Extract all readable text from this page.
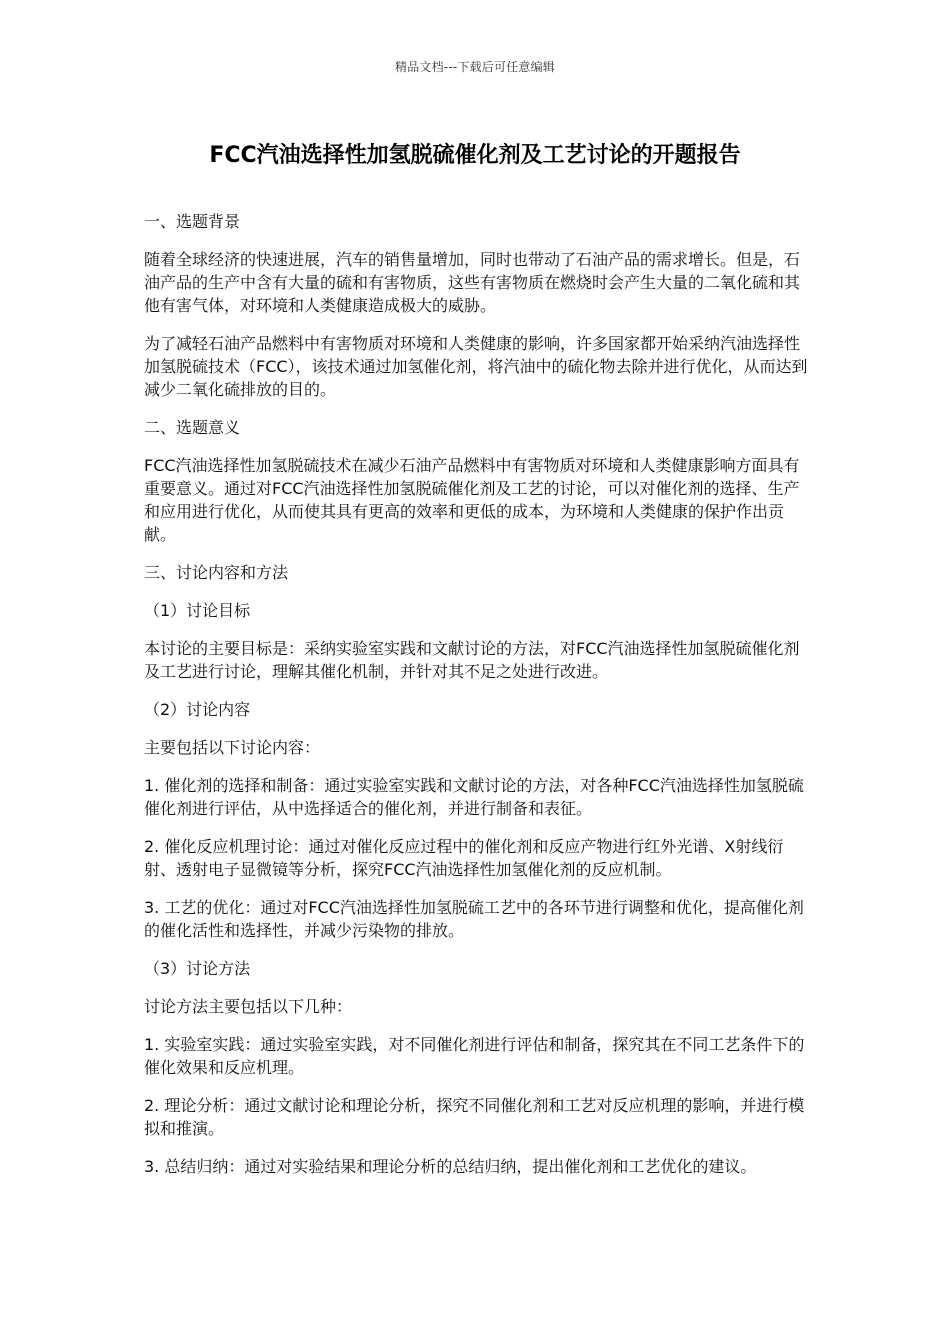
精品文档---下载后可任意编辑
FCC汽油选择性加氢脱硫催化剂及工艺讨论的开题报告

一、选题背景

随着全球经济的快速进展，汽车的销售量增加，同时也带动了石油产品的需求增长。但是，石油产品的生产中含有大量的硫和有害物质，这些有害物质在燃烧时会产生大量的二氧化硫和其他有害气体，对环境和人类健康造成极大的威胁。

为了减轻石油产品燃料中有害物质对环境和人类健康的影响，许多国家都开始采纳汽油选择性加氢脱硫技术（FCC），该技术通过加氢催化剂，将汽油中的硫化物去除并进行优化，从而达到减少二氧化硫排放的目的。

二、选题意义

FCC汽油选择性加氢脱硫技术在减少石油产品燃料中有害物质对环境和人类健康影响方面具有重要意义。通过对FCC汽油选择性加氢脱硫催化剂及工艺的讨论，可以对催化剂的选择、生产和应用进行优化，从而使其具有更高的效率和更低的成本，为环境和人类健康的保护作出贡献。

三、讨论内容和方法

（1）讨论目标

本讨论的主要目标是：采纳实验室实践和文献讨论的方法，对FCC汽油选择性加氢脱硫催化剂及工艺进行讨论，理解其催化机制，并针对其不足之处进行改进。

（2）讨论内容

主要包括以下讨论内容：

1. 催化剂的选择和制备：通过实验室实践和文献讨论的方法，对各种FCC汽油选择性加氢脱硫催化剂进行评估，从中选择适合的催化剂，并进行制备和表征。

2. 催化反应机理讨论：通过对催化反应过程中的催化剂和反应产物进行红外光谱、X射线衍射、透射电子显微镜等分析，探究FCC汽油选择性加氢催化剂的反应机制。

3. 工艺的优化：通过对FCC汽油选择性加氢脱硫工艺中的各环节进行调整和优化，提高催化剂的催化活性和选择性，并减少污染物的排放。

（3）讨论方法

讨论方法主要包括以下几种：

1. 实验室实践：通过实验室实践，对不同催化剂进行评估和制备，探究其在不同工艺条件下的催化效果和反应机理。

2. 理论分析：通过文献讨论和理论分析，探究不同催化剂和工艺对反应机理的影响，并进行模拟和推演。

3. 总结归纳：通过对实验结果和理论分析的总结归纳，提出催化剂和工艺优化的建议。
